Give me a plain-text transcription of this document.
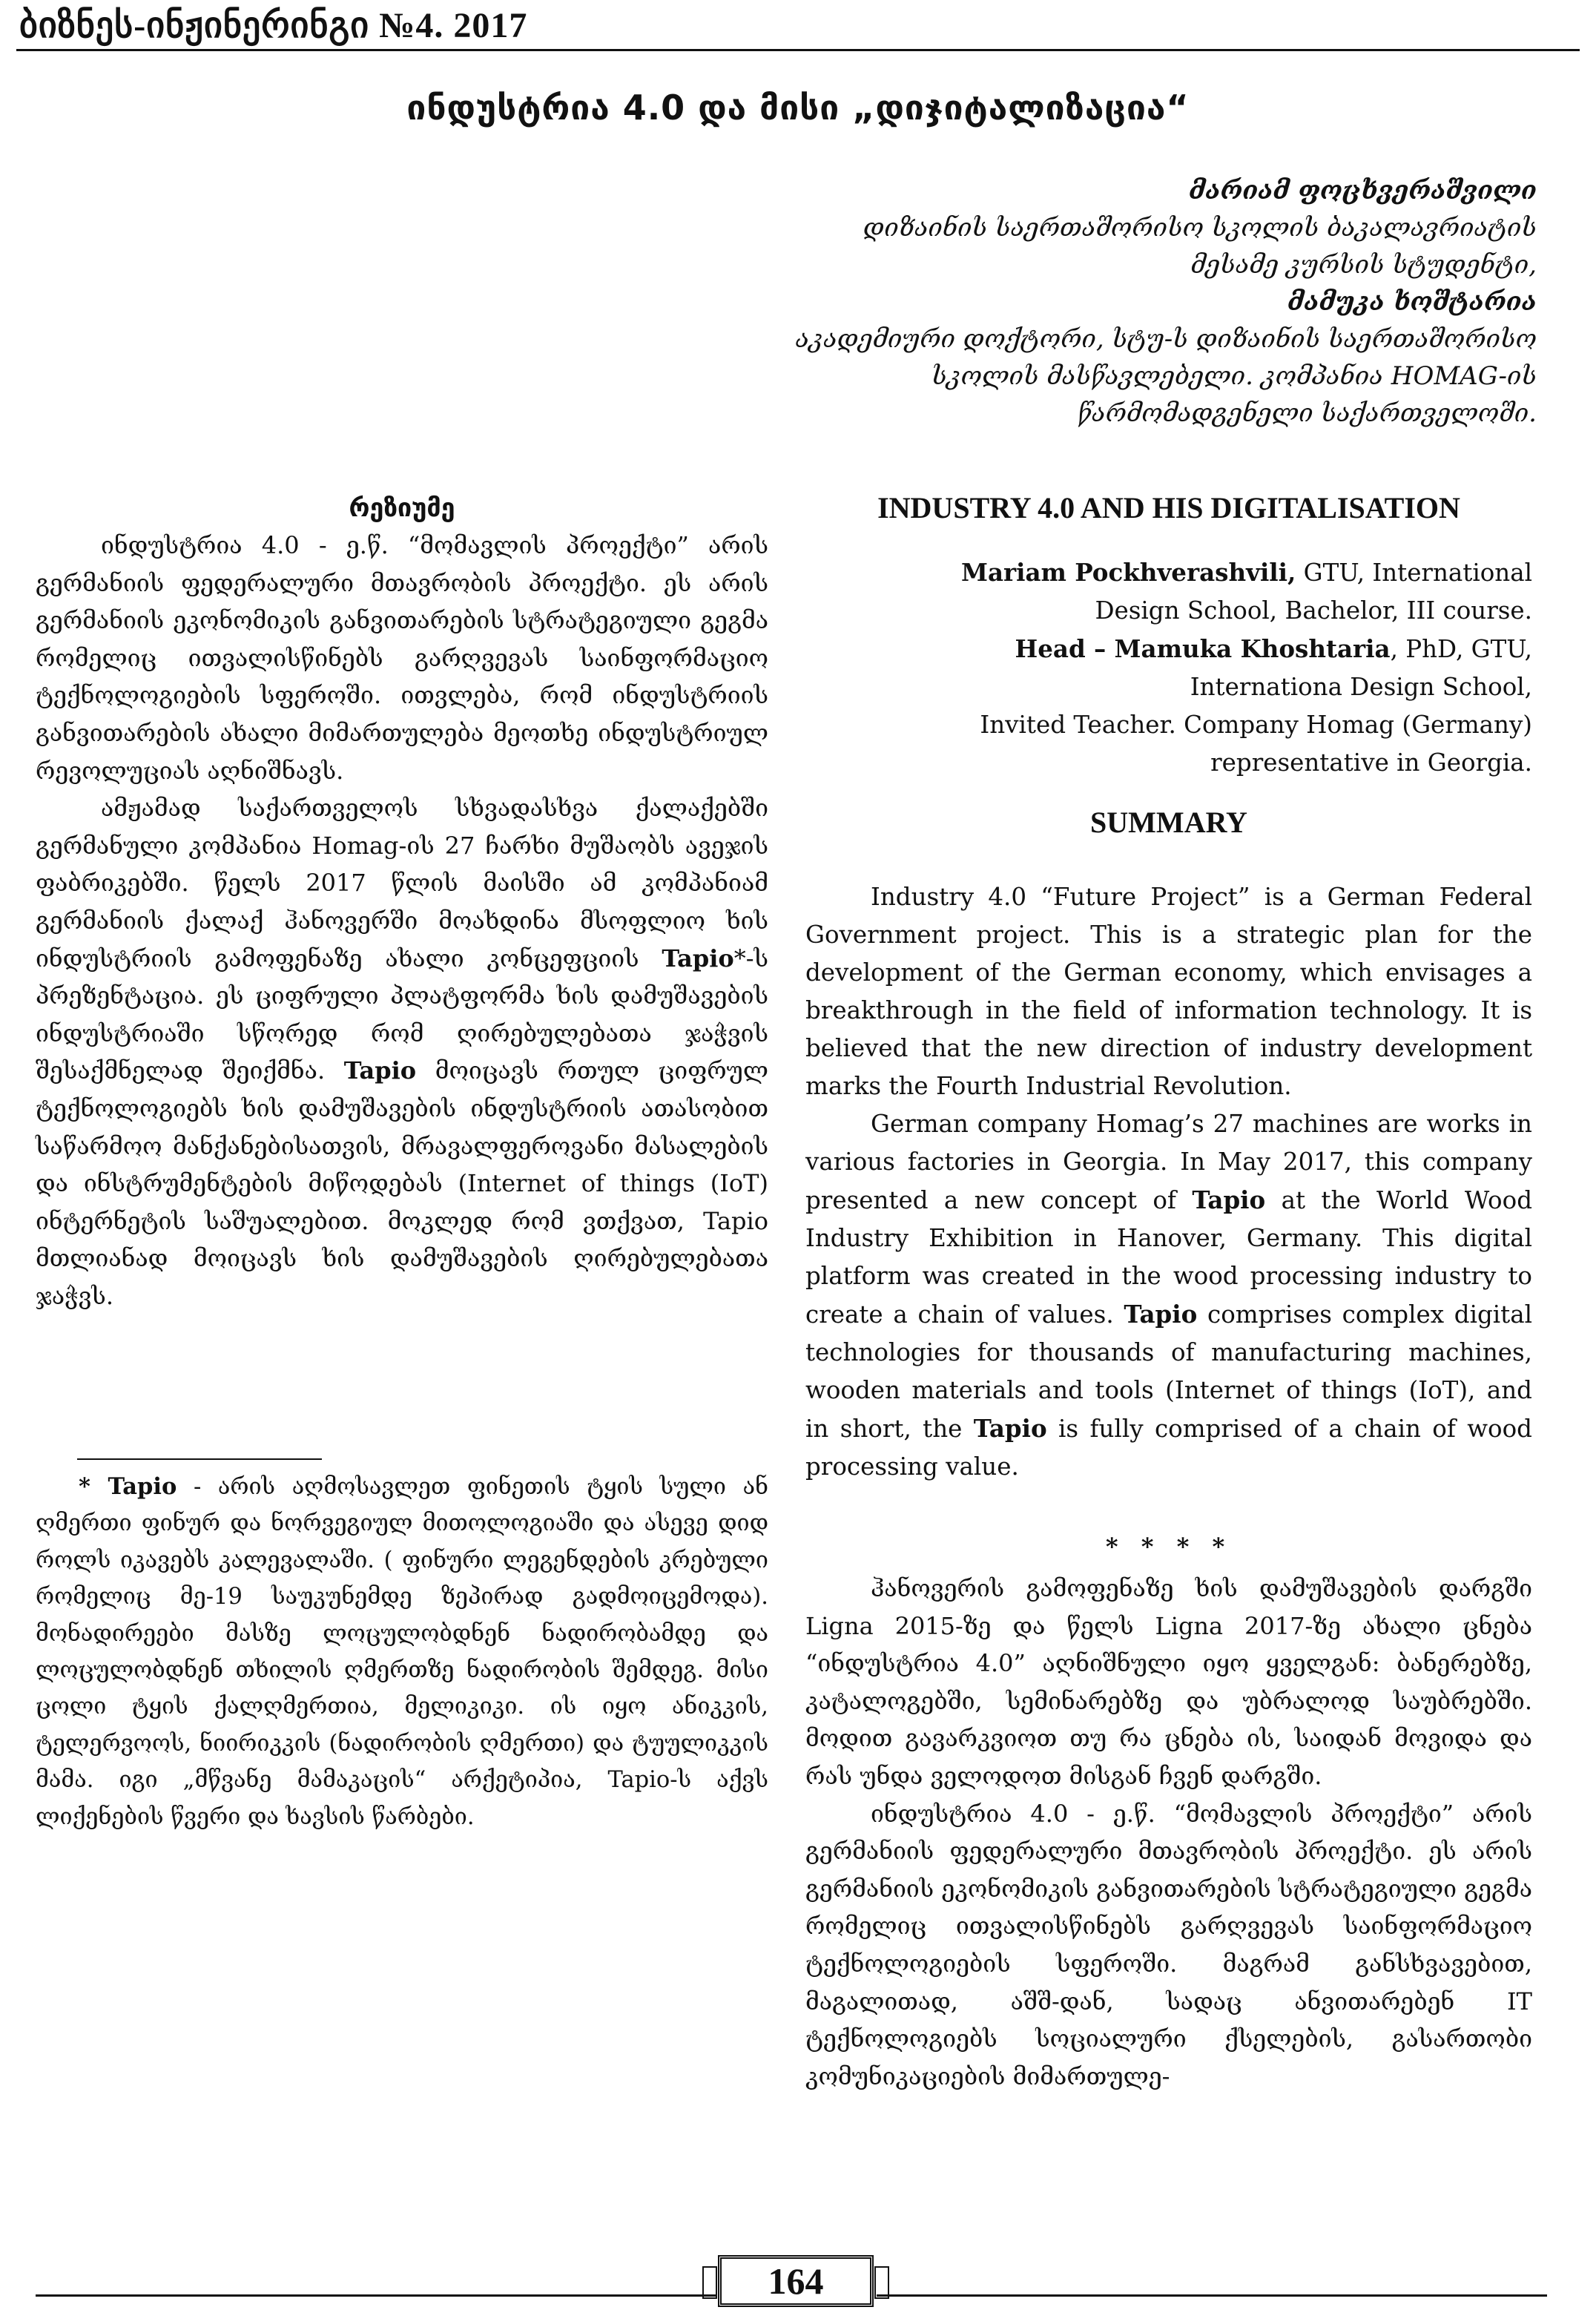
ბიზნეს-ინჟინერინგი №4. 2017
ინდუსტრია 4.0 და მისი „დიჯიტალიზაცია“
მარიამ ფოცხვერაშვილი
დიზაინის საერთაშორისო სკოლის ბაკალავრიატის
მესამე კურსის სტუდენტი,
მამუკა ხოშტარია
აკადემიური დოქტორი, სტუ-ს დიზაინის საერთაშორისო
სკოლის მასწავლებელი. კომპანია HOMAG-ის
წარმომადგენელი საქართველოში.
რეზიუმე

ინდუსტრია 4.0 - ე.წ. “მომავლის პროექტი” არის გერმანიის ფედერალური მთავრობის პროექტი. ეს არის გერმანიის ეკონომიკის განვითარების სტრატეგიული გეგმა რომელიც ითვალისწინებს გარღვევას საინფორმაციო ტექნოლოგიების სფეროში. ითვლება, რომ ინდუსტრიის განვითარების ახალი მიმართულება მეოთხე ინდუსტრიულ რევოლუციას აღნიშნავს.

ამჟამად საქართველოს სხვადასხვა ქალაქებში გერმანული კომპანია Homag-ის 27 ჩარხი მუშაობს ავეჯის ფაბრიკებში. წელს 2017 წლის მაისში ამ კომპანიამ გერმანიის ქალაქ ჰანოვერში მოახდინა მსოფლიო ხის ინდუსტრიის გამოფენაზე ახალი კონცეფციის Tapio*-ს პრეზენტაცია. ეს ციფრული პლატფორმა ხის დამუშავების ინდუსტრიაში სწორედ რომ ღირებულებათა ჯაჭვის შესაქმნელად შეიქმნა. Tapio მოიცავს რთულ ციფრულ ტექნოლოგიებს ხის დამუშავების ინდუსტრიის ათასობით საწარმოო მანქანებისათვის, მრავალფეროვანი მასალების და ინსტრუმენტების მიწოდებას (Internet of things (IoT) ინტერნეტის საშუალებით. მოკლედ რომ ვთქვათ, Tapio მთლიანად მოიცავს ხის დამუშავების ღირებულებათა ჯაჭვს.

INDUSTRY 4.0 AND HIS DIGITALISATION
Mariam Pockhverashvili, GTU, International
Design School, Bachelor, III course.
Head – Mamuka Khoshtaria, PhD, GTU,
Internationa Design School,
Invited Teacher. Company Homag (Germany)
representative in Georgia.
SUMMARY

Industry 4.0 “Future Project” is a German Federal Government project. This is a strategic plan for the development of the German economy, which envisages a breakthrough in the field of information technology. It is believed that the new direction of industry development marks the Fourth Industrial Revolution.

German company Homag’s 27 machines are works in various factories in Georgia. In May 2017, this company presented a new concept of Tapio at the World Wood Industry Exhibition in Hanover, Germany. This digital platform was created in the wood processing industry to create a chain of values. Tapio comprises complex digital technologies for thousands of manufacturing machines, wooden materials and tools (Internet of things (IoT), and in short, the Tapio is fully comprised of a chain of wood processing value.

* * * *

ჰანოვერის გამოფენაზე ხის დამუშავების დარგში Ligna 2015-ზე და წელს Ligna 2017-ზე ახალი ცნება “ინდუსტრია 4.0” აღნიშნული იყო ყველგან: ბანერებზე, კატალოგებში, სემინარებზე და უბრალოდ საუბრებში. მოდით გავარკვიოთ თუ რა ცნება ის, საიდან მოვიდა და რას უნდა ველოდოთ მისგან ჩვენ დარგში.

ინდუსტრია 4.0 - ე.წ. “მომავლის პროექტი” არის გერმანიის ფედერალური მთავრობის პროექტი. ეს არის გერმანიის ეკონომიკის განვითარების სტრატეგიული გეგმა რომელიც ითვალისწინებს გარღვევას საინფორმაციო ტექნოლოგიების სფეროში. მაგრამ განსხვავებით, მაგალითად, აშშ-დან, სადაც ანვითარებენ IT ტექნოლოგიებს სოციალური ქსელების, გასართობი კომუნიკაციების მიმართულე-

* Tapio - არის აღმოსავლეთ ფინეთის ტყის სული ან ღმერთი ფინურ და ნორვეგიულ მითოლოგიაში და ასევე დიდ როლს იკავებს კალევალაში. ( ფინური ლეგენდების კრებული რომელიც მე-19 საუკუნემდე ზეპირად გადმოიცემოდა). მონადირეები მასზე ლოცულობდნენ ნადირობამდე და ლოცულობდნენ თხილის ღმერთზე ნადირობის შემდეგ. მისი ცოლი ტყის ქალღმერთია, მელიკიკი. ის იყო ანიკკის, ტელერვოოს, ნიირიკკის (ნადირობის ღმერთი) და ტუულიკკის მამა. იგი „მწვანე მამაკაცის“ არქეტიპია, Tapio-ს აქვს ლიქენების წვერი და ხავსის წარბები.

164
